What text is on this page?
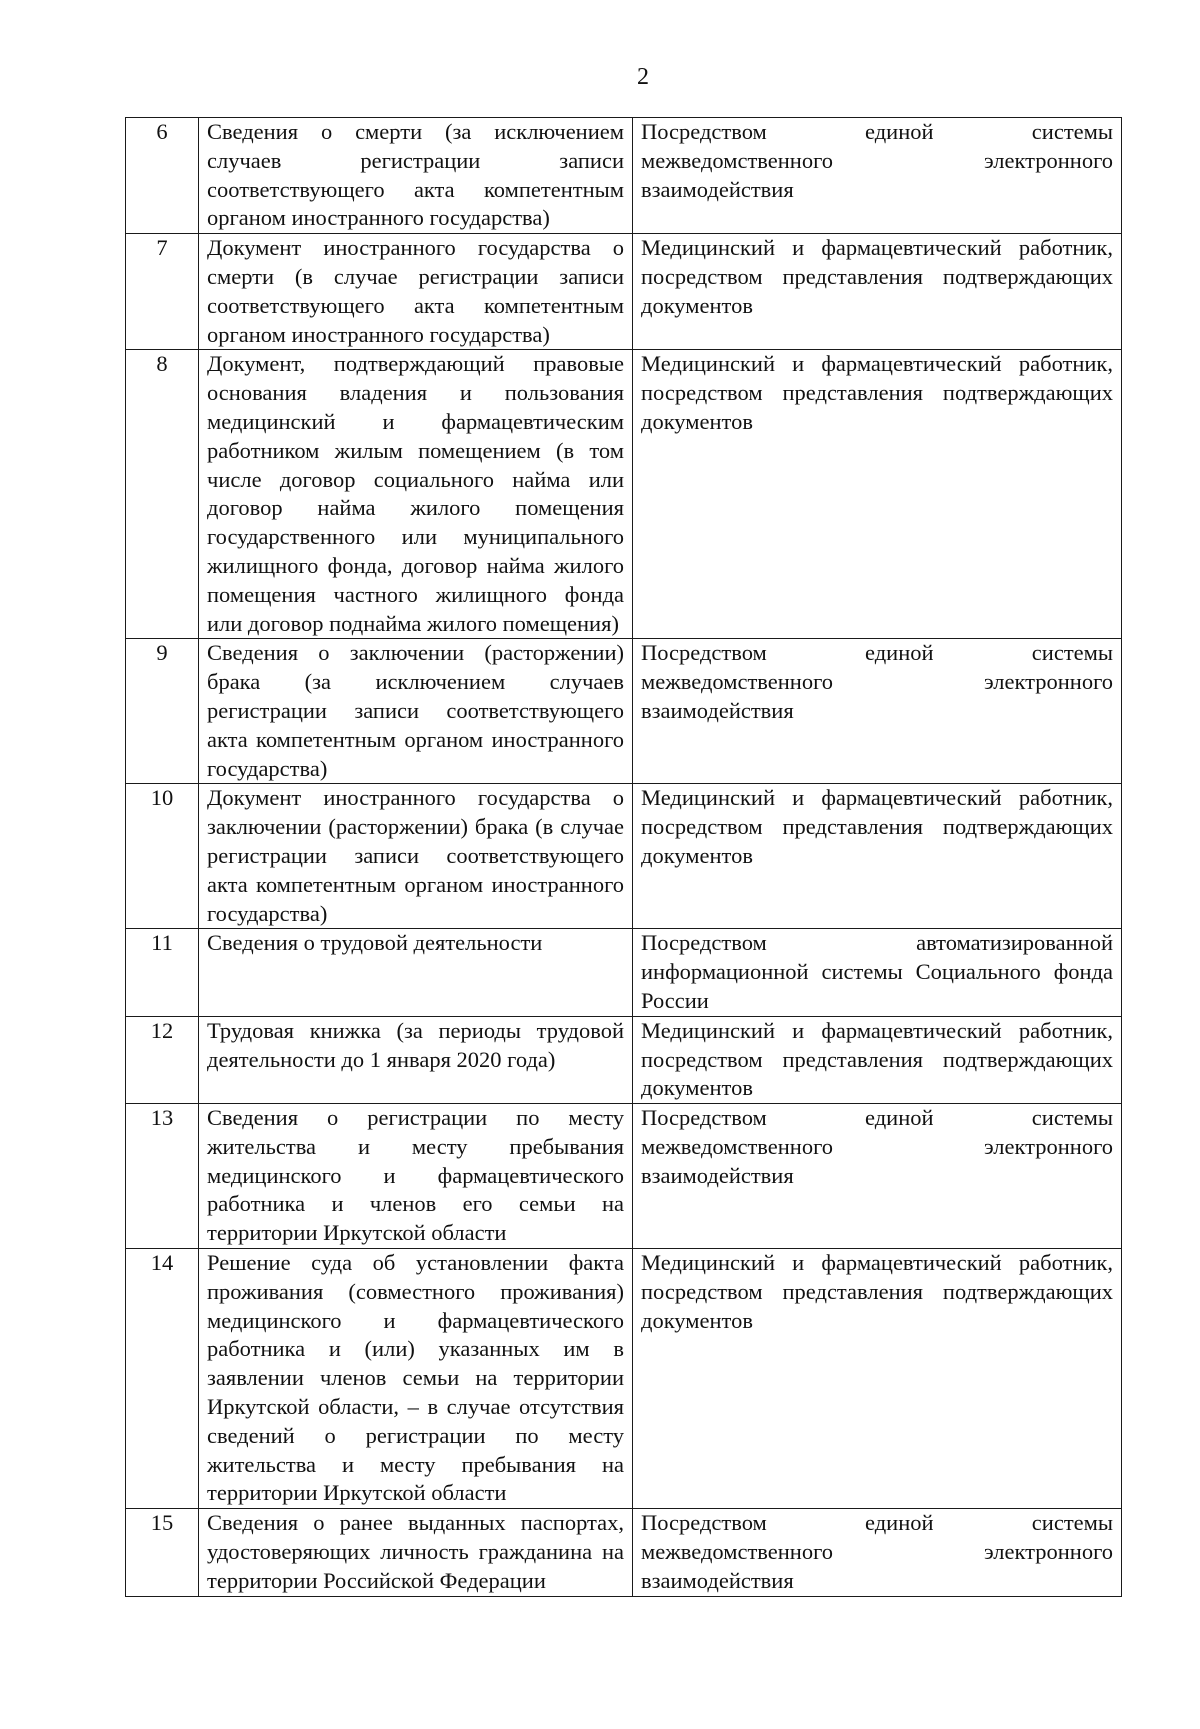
2
6	Сведения о смерти (за исключением случаев регистрации записи соответствующего акта компетентным органом иностранного государства)	Посредством единой системы межведомственного электронного взаимодействия
7	Документ иностранного государства о смерти (в случае регистрации записи соответствующего акта компетентным органом иностранного государства)	Медицинский и фармацевтический работник, посредством представления подтверждающих документов
8	Документ, подтверждающий правовые основания владения и пользования медицинский и фармацевтическим работником жилым помещением (в том числе договор социального найма или договор найма жилого помещения государственного или муниципального жилищного фонда, договор найма жилого помещения частного жилищного фонда или договор поднайма жилого помещения)	Медицинский и фармацевтический работник, посредством представления подтверждающих документов
9	Сведения о заключении (расторжении) брака (за исключением случаев регистрации записи соответствующего акта компетентным органом иностранного государства)	Посредством единой системы межведомственного электронного взаимодействия
10	Документ иностранного государства о заключении (расторжении) брака (в случае регистрации записи соответствующего акта компетентным органом иностранного государства)	Медицинский и фармацевтический работник, посредством представления подтверждающих документов
11	Сведения о трудовой деятельности	Посредством автоматизированной информационной системы Социального фонда России
12	Трудовая книжка (за периоды трудовой деятельности до 1 января 2020 года)	Медицинский и фармацевтический работник, посредством представления подтверждающих документов
13	Сведения о регистрации по месту жительства и месту пребывания медицинского и фармацевтического работника и членов его семьи на территории Иркутской области	Посредством единой системы межведомственного электронного взаимодействия
14	Решение суда об установлении факта проживания (совместного проживания) медицинского и фармацевтического работника и (или) указанных им в заявлении членов семьи на территории Иркутской области, – в случае отсутствия сведений о регистрации по месту жительства и месту пребывания на территории Иркутской области	Медицинский и фармацевтический работник, посредством представления подтверждающих документов
15	Сведения о ранее выданных паспортах, удостоверяющих личность гражданина на территории Российской Федерации	Посредством единой системы межведомственного электронного взаимодействия
